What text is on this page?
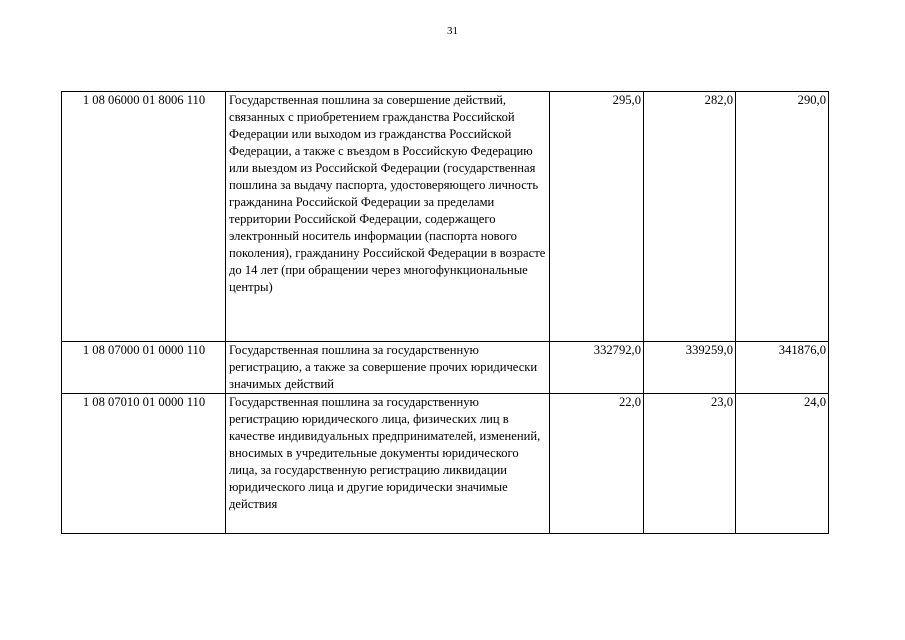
31
1 08 06000 01 8006 110	Государственная пошлина за совершение действий, связанных с приобретением гражданства Российской Федерации или выходом из гражданства Российской Федерации, а также с въездом в Российскую Федерацию или выездом из Российской Федерации (государственная пошлина за выдачу паспорта, удостоверяющего личность гражданина Российской Федерации за пределами территории Российской Федерации, содержащего электронный носитель информации (паспорта нового поколения), гражданину Российской Федерации в возрасте до 14 лет (при обращении через многофункциональные центры)	295,0	282,0	290,0
1 08 07000 01 0000 110	Государственная пошлина за государственную регистрацию, а также за совершение прочих юридически значимых действий	332792,0	339259,0	341876,0
1 08 07010 01 0000 110	Государственная пошлина за государственную регистрацию юридического лица, физических лиц в качестве индивидуальных предпринимателей, изменений, вносимых в учредительные документы юридического лица, за государственную регистрацию ликвидации юридического лица и другие юридически значимые действия	22,0	23,0	24,0
